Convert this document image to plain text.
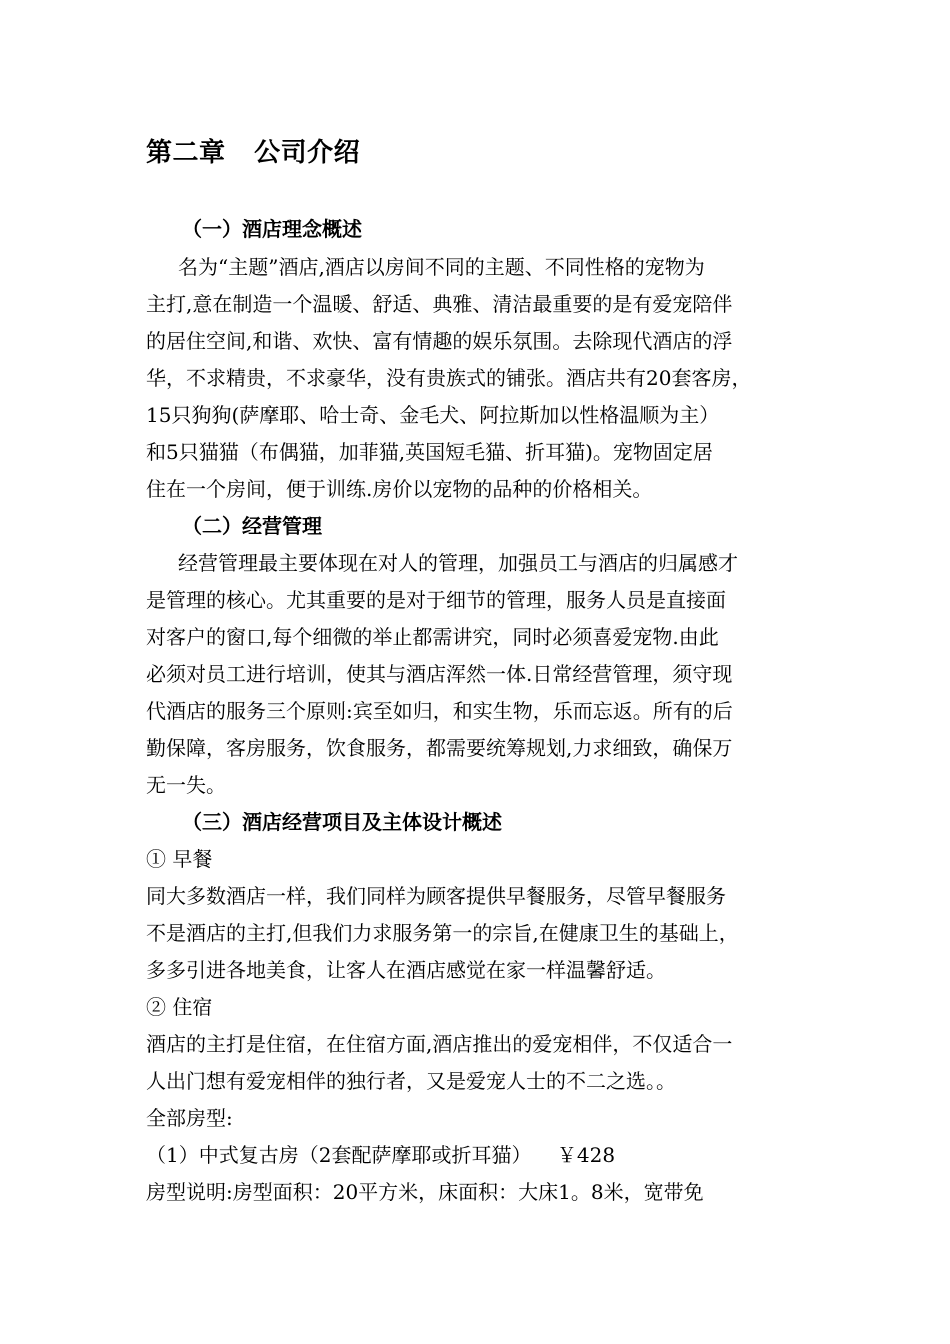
第二章   公司介绍

（一）酒店理念概述

名为“主题”酒店,酒店以房间不同的主题、不同性格的宠物为

主打,意在制造一个温暖、舒适、典雅、清洁最重要的是有爱宠陪伴

的居住空间,和谐、欢快、富有情趣的娱乐氛围。去除现代酒店的浮

华，不求精贵，不求豪华，没有贵族式的铺张。酒店共有20套客房，

15只狗狗(萨摩耶、哈士奇、金毛犬、阿拉斯加以性格温顺为主）

和5只猫猫（布偶猫，加菲猫,英国短毛猫、折耳猫)。宠物固定居

住在一个房间，便于训练.房价以宠物的品种的价格相关。

（二）经营管理

经营管理最主要体现在对人的管理，加强员工与酒店的归属感才

是管理的核心。尤其重要的是对于细节的管理，服务人员是直接面

对客户的窗口,每个细微的举止都需讲究，同时必须喜爱宠物.由此

必须对员工进行培训，使其与酒店浑然一体.日常经营管理，须守现

代酒店的服务三个原则:宾至如归，和实生物，乐而忘返。所有的后

勤保障，客房服务，饮食服务，都需要统筹规划,力求细致，确保万

无一失。

（三）酒店经营项目及主体设计概述

① 早餐

同大多数酒店一样，我们同样为顾客提供早餐服务，尽管早餐服务

不是酒店的主打,但我们力求服务第一的宗旨,在健康卫生的基础上，

多多引进各地美食，让客人在酒店感觉在家一样温馨舒适。

② 住宿

酒店的主打是住宿，在住宿方面,酒店推出的爱宠相伴，不仅适合一

人出门想有爱宠相伴的独行者，又是爱宠人士的不二之选。。

全部房型:

（1）中式复古房（2套配萨摩耶或折耳猫）    ￥428

房型说明:房型面积：20平方米，床面积：大床1。8米，宽带免
